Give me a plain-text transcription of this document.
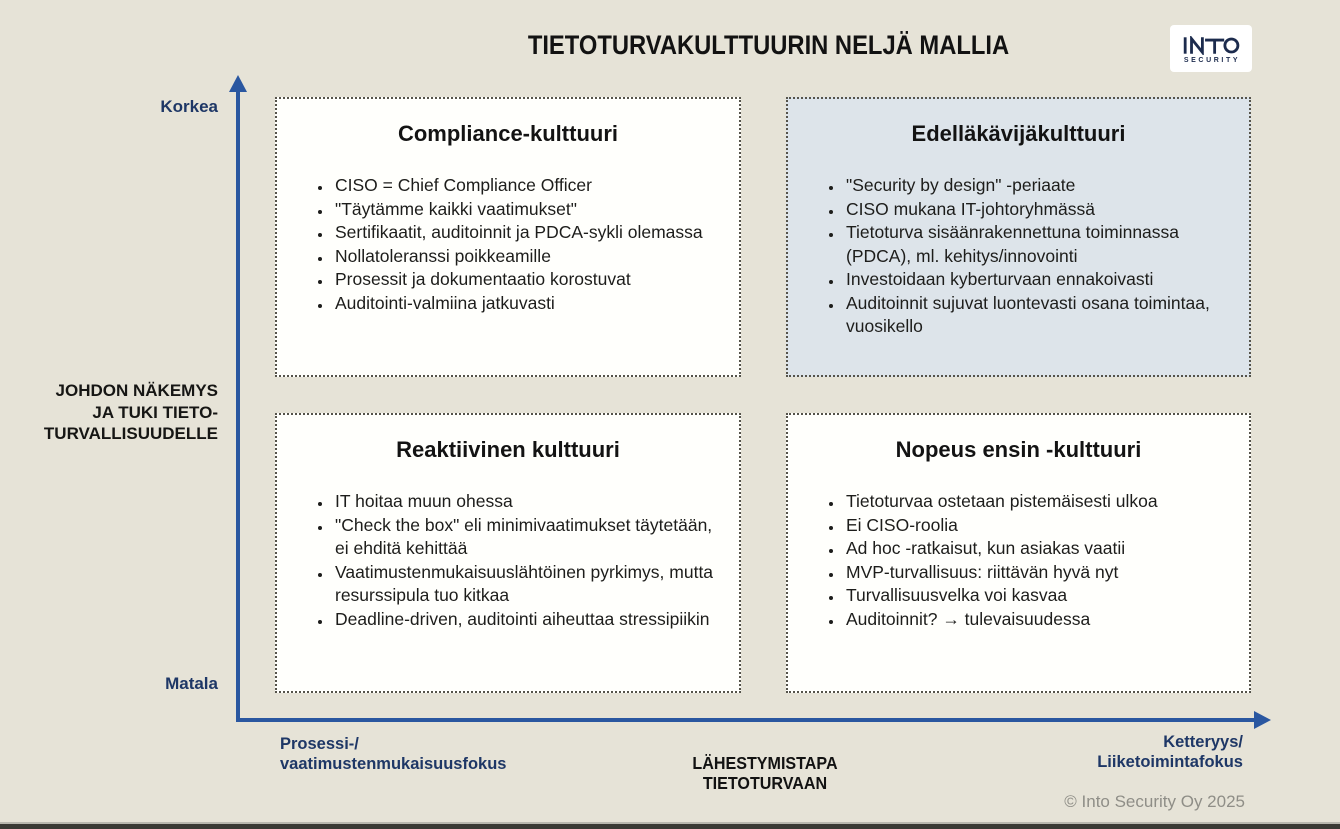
TIETOTURVAKULTTUURIN NELJÄ MALLIA	SECURITY
Korkea
Matala
JOHDON NÄKEMYS
JA TUKI TIETO-
TURVALLISUUDELLE
Compliance-kulttuuri
• CISO = Chief Compliance Officer
• "Täytämme kaikki vaatimukset"
• Sertifikaatit, auditoinnit ja PDCA-sykli olemassa
• Nollatoleranssi poikkeamille
• Prosessit ja dokumentaatio korostuvat
• Auditointi-valmiina jatkuvasti
Edelläkävijäkulttuuri
• "Security by design" -periaate
• CISO mukana IT-johtoryhmässä
• Tietoturva sisäänrakennettuna toiminnassa (PDCA), ml. kehitys/innovointi
• Investoidaan kyberturvaan ennakoivasti
• Auditoinnit sujuvat luontevasti osana toimintaa, vuosikello
Reaktiivinen kulttuuri
• IT hoitaa muun ohessa
• "Check the box" eli minimivaatimukset täytetään, ei ehditä kehittää
• Vaatimustenmukaisuuslähtöinen pyrkimys, mutta resurssipula tuo kitkaa
• Deadline-driven, auditointi aiheuttaa stressipiikin
Nopeus ensin -kulttuuri
• Tietoturvaa ostetaan pistemäisesti ulkoa
• Ei CISO-roolia
• Ad hoc -ratkaisut, kun asiakas vaatii
• MVP-turvallisuus: riittävän hyvä nyt
• Turvallisuusvelka voi kasvaa
• Auditoinnit? → tulevaisuudessa
Prosessi-/
vaatimustenmukaisuusfokus	LÄHESTYMISTAPA
TIETOTURVAAN
Ketteryys/
Liiketoimintafokus
© Into Security Oy 2025
